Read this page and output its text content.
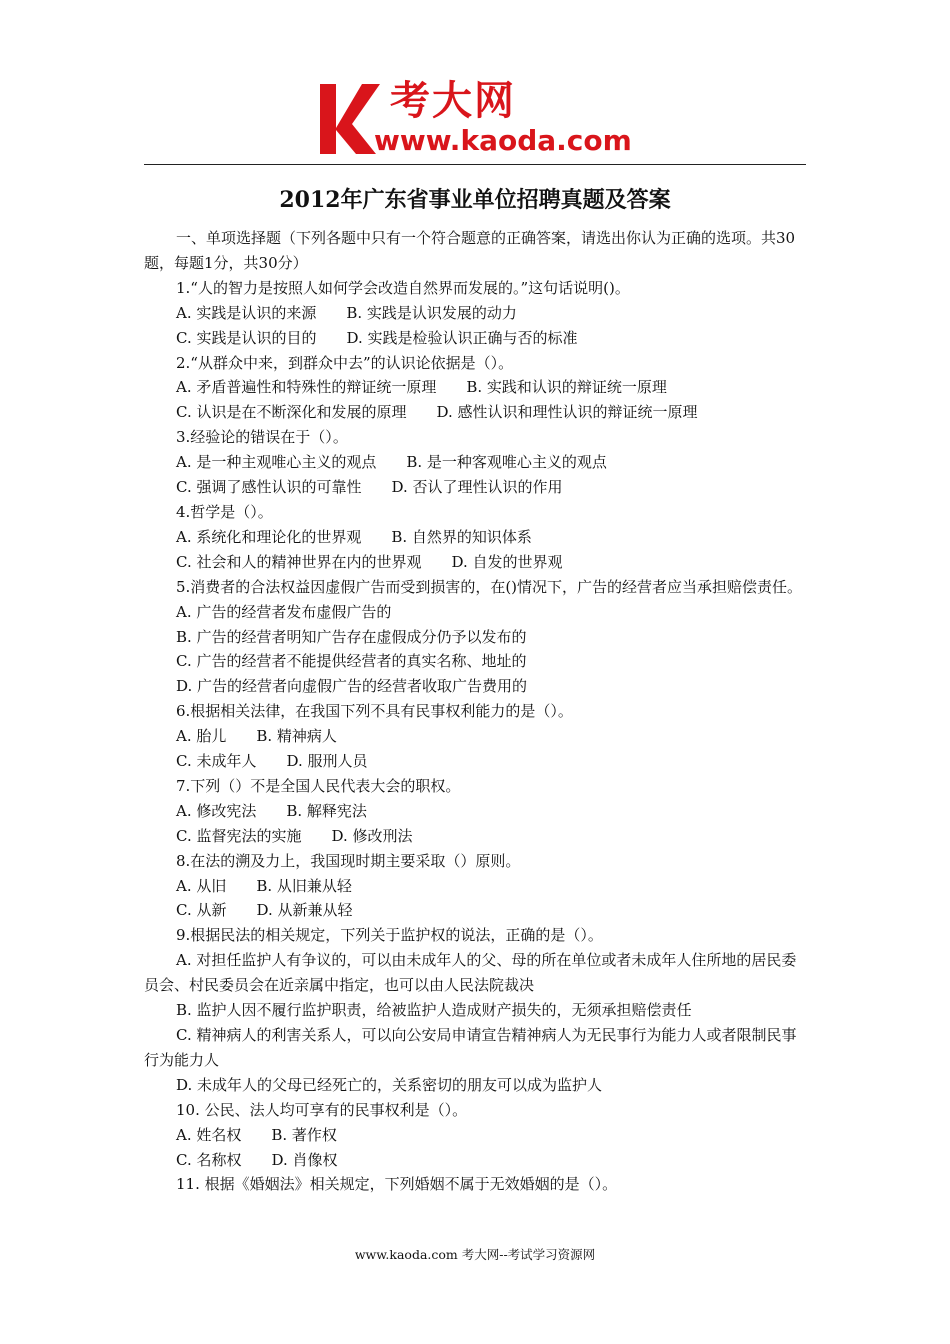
考大网
www.kaoda.com
2012年广东省事业单位招聘真题及答案

一、单项选择题（下列各题中只有一个符合题意的正确答案，请选出你认为正确的选项。共30题，每题1分，共30分）

1.“人的智力是按照人如何学会改造自然界而发展的。”这句话说明()。

A. 实践是认识的来源　　B. 实践是认识发展的动力

C. 实践是认识的目的　　D. 实践是检验认识正确与否的标准

2.“从群众中来，到群众中去”的认识论依据是（）。

A. 矛盾普遍性和特殊性的辩证统一原理　　B. 实践和认识的辩证统一原理

C. 认识是在不断深化和发展的原理　　D. 感性认识和理性认识的辩证统一原理

3.经验论的错误在于（）。

A. 是一种主观唯心主义的观点　　B. 是一种客观唯心主义的观点

C. 强调了感性认识的可靠性　　D. 否认了理性认识的作用

4.哲学是（）。

A. 系统化和理论化的世界观　　B. 自然界的知识体系

C. 社会和人的精神世界在内的世界观　　D. 自发的世界观

5.消费者的合法权益因虚假广告而受到损害的，在()情况下，广告的经营者应当承担赔偿责任。

A. 广告的经营者发布虚假广告的

B. 广告的经营者明知广告存在虚假成分仍予以发布的

C. 广告的经营者不能提供经营者的真实名称、地址的

D. 广告的经营者向虚假广告的经营者收取广告费用的

6.根据相关法律，在我国下列不具有民事权利能力的是（）。

A. 胎儿　　B. 精神病人

C. 未成年人　　D. 服刑人员

7.下列（）不是全国人民代表大会的职权。

A. 修改宪法　　B. 解释宪法

C. 监督宪法的实施　　D. 修改刑法

8.在法的溯及力上，我国现时期主要采取（）原则。

A. 从旧　　B. 从旧兼从轻

C. 从新　　D. 从新兼从轻

9.根据民法的相关规定，下列关于监护权的说法，正确的是（）。

A. 对担任监护人有争议的，可以由未成年人的父、母的所在单位或者未成年人住所地的居民委员会、村民委员会在近亲属中指定，也可以由人民法院裁决

B. 监护人因不履行监护职责，给被监护人造成财产损失的，无须承担赔偿责任

C. 精神病人的利害关系人，可以向公安局申请宣告精神病人为无民事行为能力人或者限制民事行为能力人

D. 未成年人的父母已经死亡的，关系密切的朋友可以成为监护人

10. 公民、法人均可享有的民事权利是（）。

A. 姓名权　　B. 著作权

C. 名称权　　D. 肖像权

11. 根据《婚姻法》相关规定，下列婚姻不属于无效婚姻的是（）。

www.kaoda.com 考大网--考试学习资源网
